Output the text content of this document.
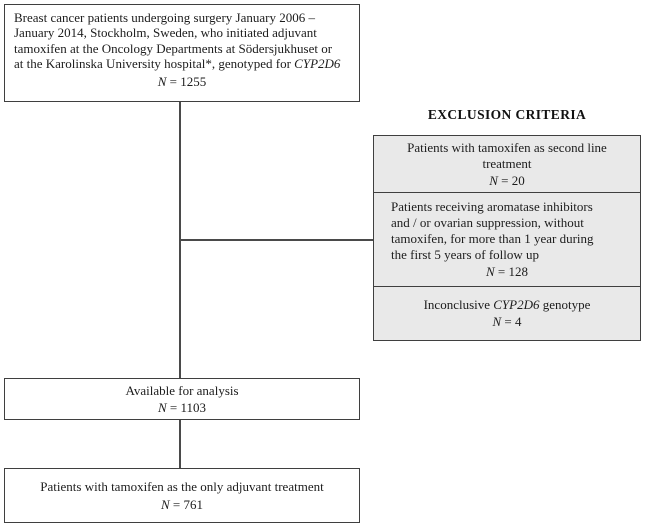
Breast cancer patients undergoing surgery January 2006 –
January 2014, Stockholm, Sweden, who initiated adjuvant
tamoxifen at the Oncology Departments at Södersjukhuset or
at the Karolinska University hospital*, genotyped for CYP2D6
N = 1255
EXCLUSION CRITERIA
Patients with tamoxifen as second line treatment
N = 20
Patients receiving aromatase inhibitors
and / or ovarian suppression, without
tamoxifen, for more than 1 year during
the first 5 years of follow up
N = 128
Inconclusive CYP2D6 genotype
N = 4
Available for analysis
N = 1103
Patients with tamoxifen as the only adjuvant treatment
N = 761
